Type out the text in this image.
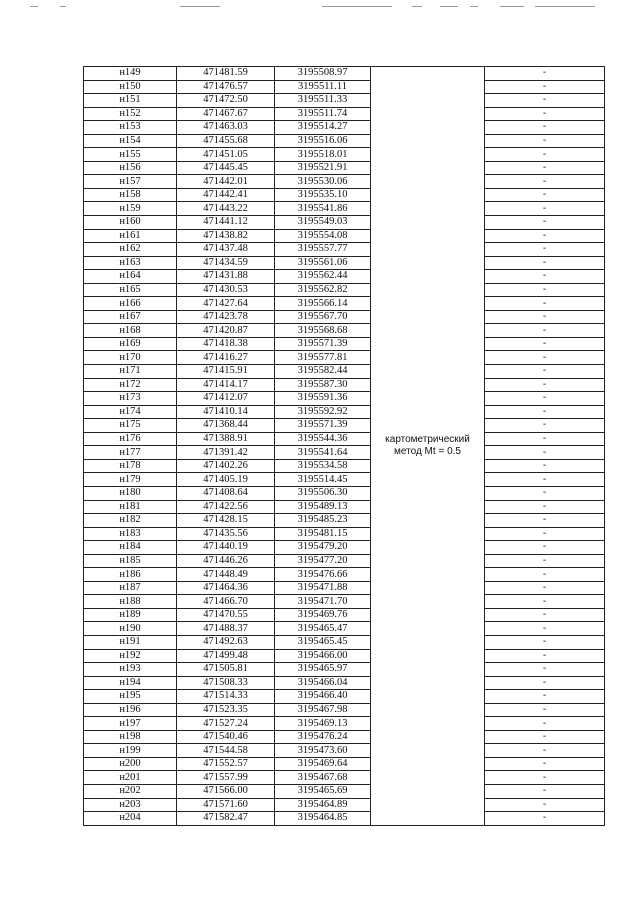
н149	471481.59	3195508.97	картометрический метод Mt = 0.5	-
н150	471476.57	3195511.11		-
н151	471472.50	3195511.33		-
н152	471467.67	3195511.74		-
н153	471463.03	3195514.27		-
н154	471455.68	3195516.06		-
н155	471451.05	3195518.01		-
н156	471445.45	3195521.91		-
н157	471442.01	3195530.06		-
н158	471442.41	3195535.10		-
н159	471443.22	3195541.86		-
н160	471441.12	3195549.03		-
н161	471438.82	3195554.08		-
н162	471437.48	3195557.77		-
н163	471434.59	3195561.06		-
н164	471431.88	3195562.44		-
н165	471430.53	3195562.82		-
н166	471427.64	3195566.14		-
н167	471423.78	3195567.70		-
н168	471420.87	3195568.68		-
н169	471418.38	3195571.39		-
н170	471416.27	3195577.81		-
н171	471415.91	3195582.44		-
н172	471414.17	3195587.30		-
н173	471412.07	3195591.36		-
н174	471410.14	3195592.92		-
н175	471368.44	3195571.39		-
н176	471388.91	3195544.36		-
н177	471391.42	3195541.64		-
н178	471402.26	3195534.58		-
н179	471405.19	3195514.45		-
н180	471408.64	3195506.30		-
н181	471422.56	3195489.13		-
н182	471428.15	3195485.23		-
н183	471435.56	3195481.15		-
н184	471440.19	3195479.20		-
н185	471446.26	3195477.20		-
н186	471448.49	3195476.66		-
н187	471464.36	3195471.88		-
н188	471466.70	3195471.70		-
н189	471470.55	3195469.76		-
н190	471488.37	3195465.47		-
н191	471492.63	3195465.45		-
н192	471499.48	3195466.00		-
н193	471505.81	3195465.97		-
н194	471508.33	3195466.04		-
н195	471514.33	3195466.40		-
н196	471523.35	3195467.98		-
н197	471527.24	3195469.13		-
н198	471540.46	3195476.24		-
н199	471544.58	3195473.60		-
н200	471552.57	3195469.64		-
н201	471557.99	3195467.68		-
н202	471566.00	3195465.69		-
н203	471571.60	3195464.89		-
н204	471582.47	3195464.85		-
